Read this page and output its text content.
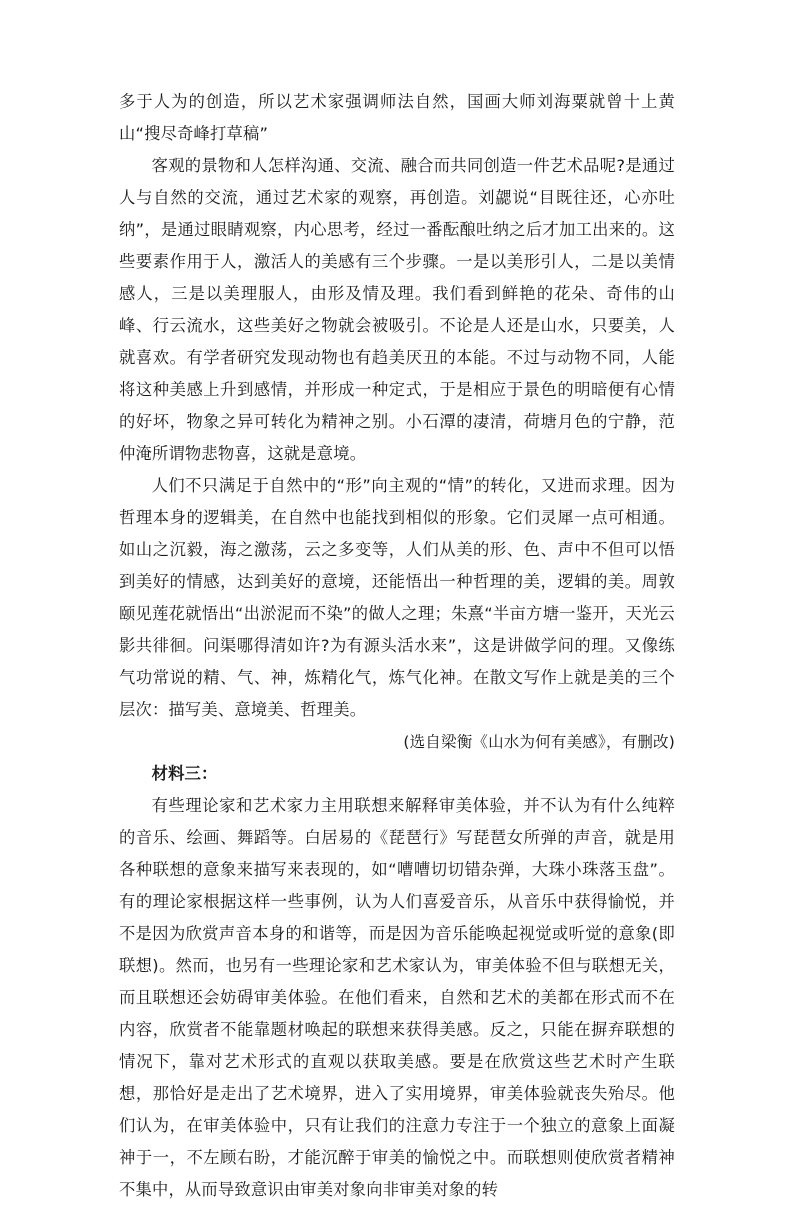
多于人为的创造，所以艺术家强调师法自然，国画大师刘海粟就曾十上黄山“搜尽奇峰打草稿”

客观的景物和人怎样沟通、交流、融合而共同创造一件艺术品呢?是通过人与自然的交流，通过艺术家的观察，再创造。刘勰说“目既往还，心亦吐纳”，是通过眼睛观察，内心思考，经过一番酝酿吐纳之后才加工出来的。这些要素作用于人，激活人的美感有三个步骤。一是以美形引人，二是以美情感人，三是以美理服人，由形及情及理。我们看到鲜艳的花朵、奇伟的山峰、行云流水，这些美好之物就会被吸引。不论是人还是山水，只要美，人就喜欢。有学者研究发现动物也有趋美厌丑的本能。不过与动物不同，人能将这种美感上升到感情，并形成一种定式，于是相应于景色的明暗便有心情的好坏，物象之异可转化为精神之别。小石潭的凄清，荷塘月色的宁静，范仲淹所谓物悲物喜，这就是意境。

人们不只满足于自然中的“形”向主观的“情”的转化，又进而求理。因为哲理本身的逻辑美，在自然中也能找到相似的形象。它们灵犀一点可相通。如山之沉毅，海之激荡，云之多变等，人们从美的形、色、声中不但可以悟到美好的情感，达到美好的意境，还能悟出一种哲理的美，逻辑的美。周敦颐见莲花就悟出“出淤泥而不染”的做人之理；朱熹“半亩方塘一鉴开，天光云影共徘徊。问渠哪得清如许?为有源头活水来”，这是讲做学问的理。又像练气功常说的精、气、神，炼精化气，炼气化神。在散文写作上就是美的三个层次：描写美、意境美、哲理美。

(选自梁衡《山水为何有美感》，有删改)

材料三：

有些理论家和艺术家力主用联想来解释审美体验，并不认为有什么纯粹的音乐、绘画、舞蹈等。白居易的《琵琶行》写琵琶女所弹的声音，就是用各种联想的意象来描写来表现的，如“嘈嘈切切错杂弹，大珠小珠落玉盘”。有的理论家根据这样一些事例，认为人们喜爱音乐，从音乐中获得愉悦，并不是因为欣赏声音本身的和谐等，而是因为音乐能唤起视觉或听觉的意象(即联想)。然而，也另有一些理论家和艺术家认为，审美体验不但与联想无关，而且联想还会妨碍审美体验。在他们看来，自然和艺术的美都在形式而不在内容，欣赏者不能靠题材唤起的联想来获得美感。反之，只能在摒弃联想的情况下，靠对艺术形式的直观以获取美感。要是在欣赏这些艺术时产生联想，那恰好是走出了艺术境界，进入了实用境界，审美体验就丧失殆尽。他们认为，在审美体验中，只有让我们的注意力专注于一个独立的意象上面凝神于一，不左顾右盼，才能沉醉于审美的愉悦之中。而联想则使欣赏者精神不集中，从而导致意识由审美对象向非审美对象的转
